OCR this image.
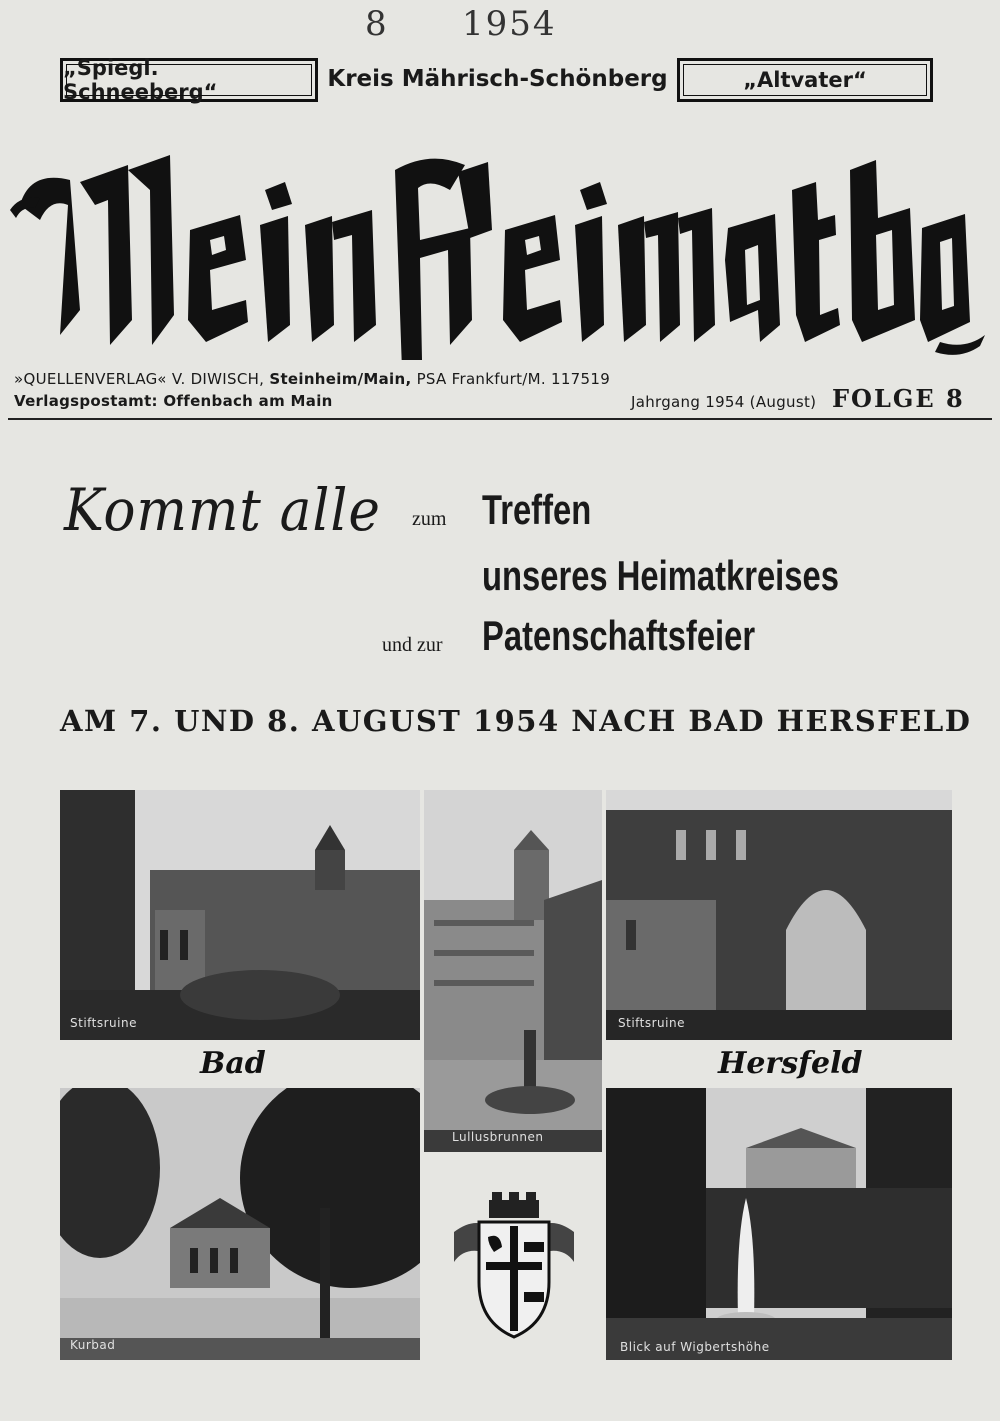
8 1954
„Spiegl. Schneeberg“	Kreis Mährisch-Schönberg	„Altvater“
»QUELLENVERLAG« V. DIWISCH, Steinheim/Main, PSA Frankfurt/M. 117519
Verlagspostamt: Offenbach am Main	Jahrgang 1954 (August) FOLGE 8
Kommt alle zum Treffen
unseres Heimatkreises
und zur Patenschaftsfeier
AM 7. UND 8. AUGUST 1954 NACH BAD HERSFELD
Stiftsruine
Lullusbrunnen
Stiftsruine
Bad	Hersfeld
Kurbad	Blick auf Wigbertshöhe
